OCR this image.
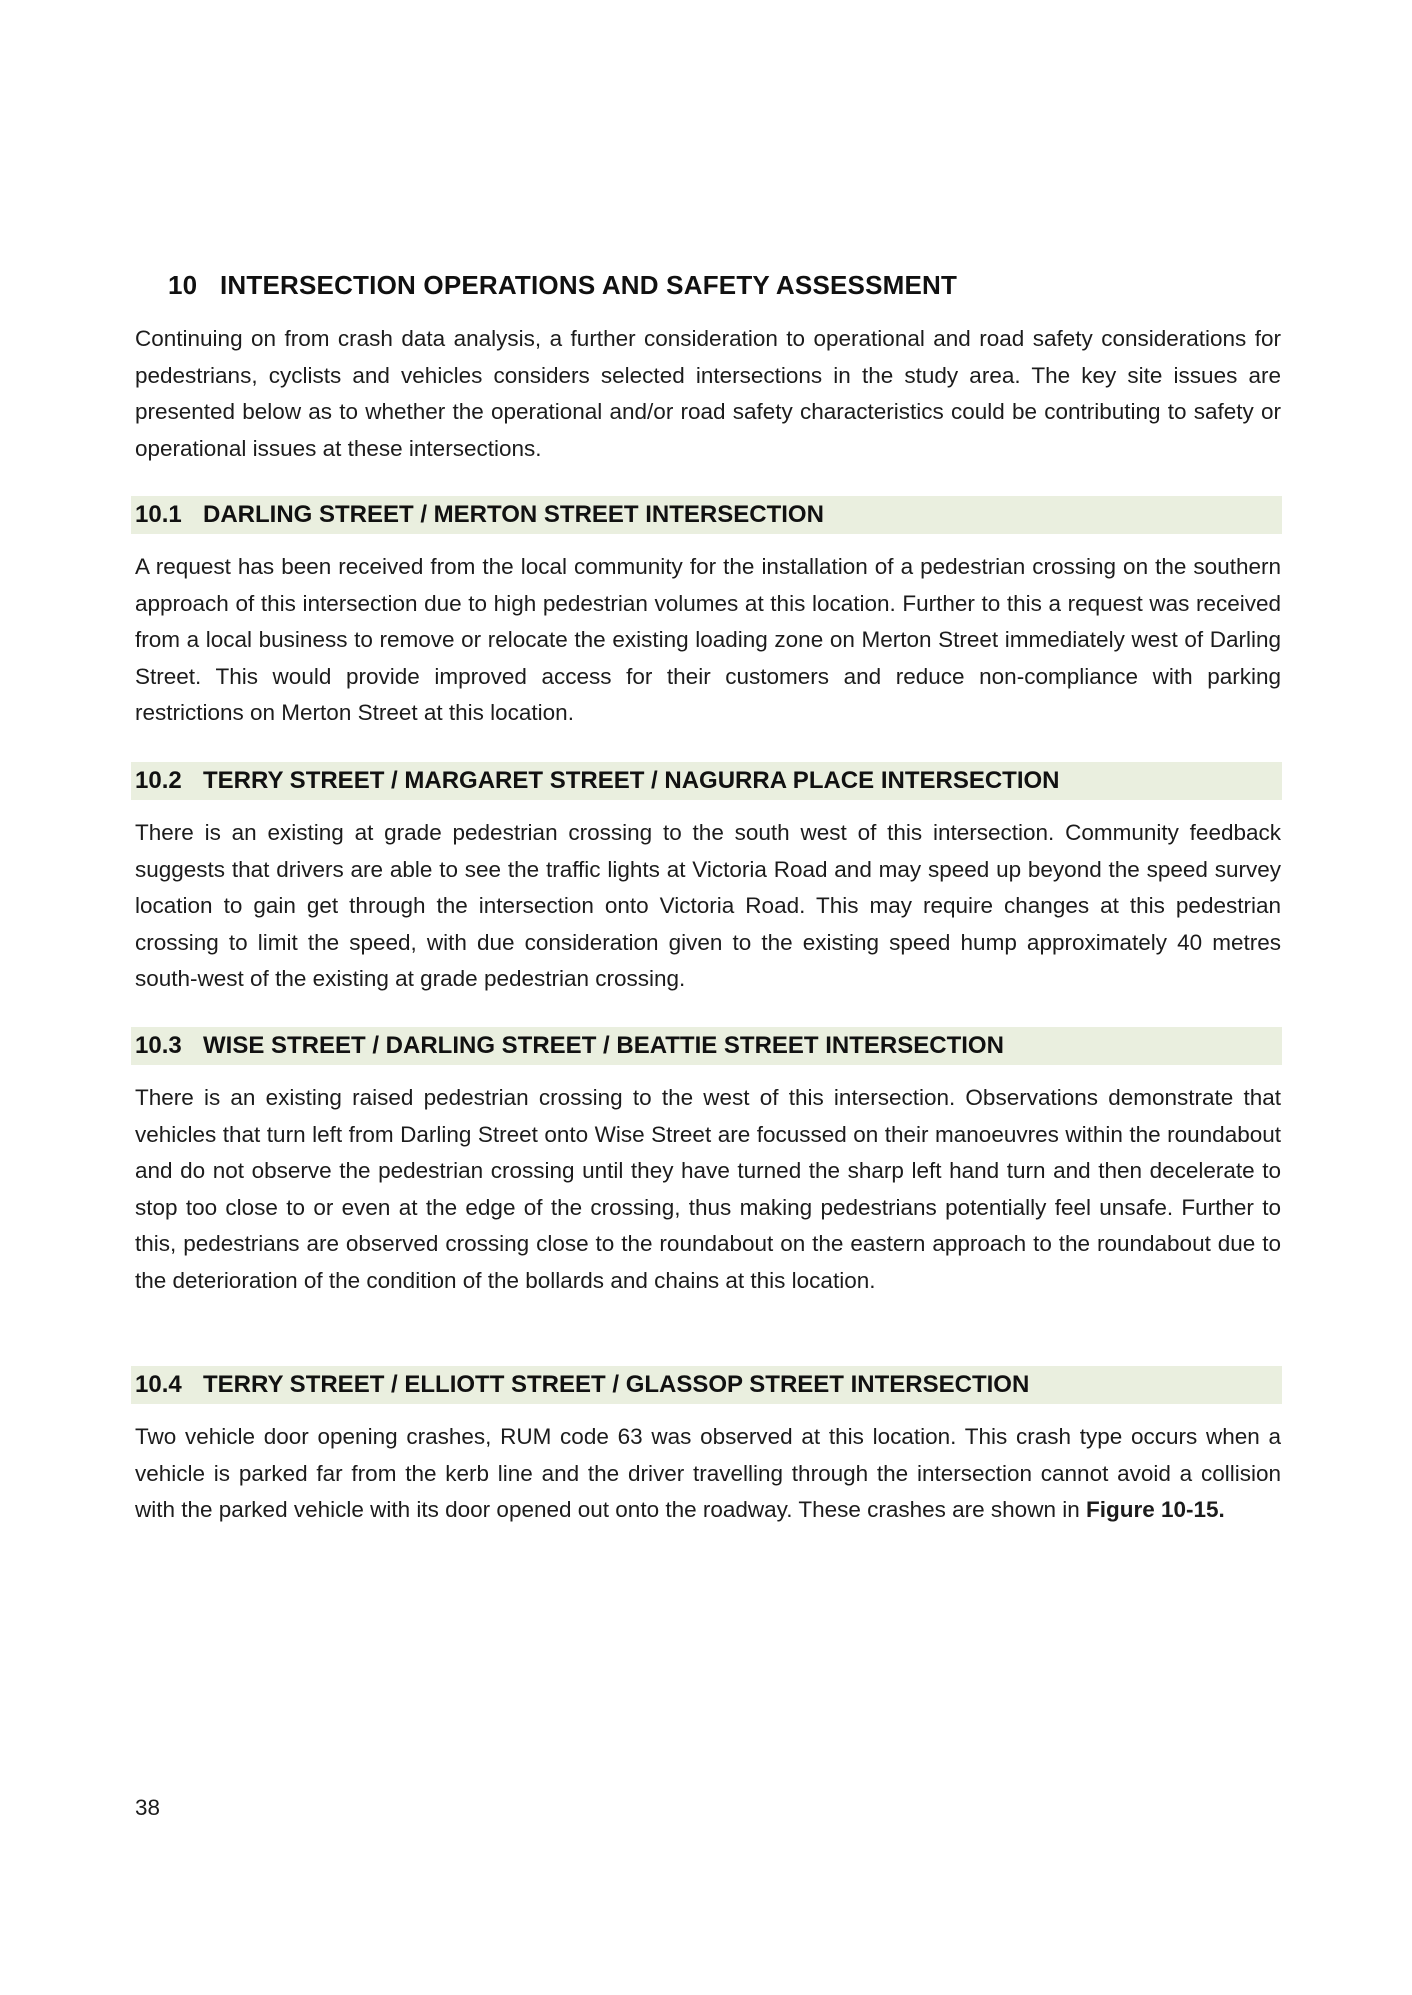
10 INTERSECTION OPERATIONS AND SAFETY ASSESSMENT

Continuing on from crash data analysis, a further consideration to operational and road safety considerations for pedestrians, cyclists and vehicles considers selected intersections in the study area. The key site issues are presented below as to whether the operational and/or road safety characteristics could be contributing to safety or operational issues at these intersections.

10.1 DARLING STREET / MERTON STREET INTERSECTION

A request has been received from the local community for the installation of a pedestrian crossing on the southern approach of this intersection due to high pedestrian volumes at this location. Further to this a request was received from a local business to remove or relocate the existing loading zone on Merton Street immediately west of Darling Street. This would provide improved access for their customers and reduce non-compliance with parking restrictions on Merton Street at this location.

10.2 TERRY STREET / MARGARET STREET / NAGURRA PLACE INTERSECTION

There is an existing at grade pedestrian crossing to the south west of this intersection. Community feedback suggests that drivers are able to see the traffic lights at Victoria Road and may speed up beyond the speed survey location to gain get through the intersection onto Victoria Road. This may require changes at this pedestrian crossing to limit the speed, with due consideration given to the existing speed hump approximately 40 metres south-west of the existing at grade pedestrian crossing.

10.3 WISE STREET / DARLING STREET / BEATTIE STREET INTERSECTION

There is an existing raised pedestrian crossing to the west of this intersection. Observations demonstrate that vehicles that turn left from Darling Street onto Wise Street are focussed on their manoeuvres within the roundabout and do not observe the pedestrian crossing until they have turned the sharp left hand turn and then decelerate to stop too close to or even at the edge of the crossing, thus making pedestrians potentially feel unsafe. Further to this, pedestrians are observed crossing close to the roundabout on the eastern approach to the roundabout due to the deterioration of the condition of the bollards and chains at this location.

10.4 TERRY STREET / ELLIOTT STREET / GLASSOP STREET INTERSECTION

Two vehicle door opening crashes, RUM code 63 was observed at this location. This crash type occurs when a vehicle is parked far from the kerb line and the driver travelling through the intersection cannot avoid a collision with the parked vehicle with its door opened out onto the roadway. These crashes are shown in Figure 10-15.

38
